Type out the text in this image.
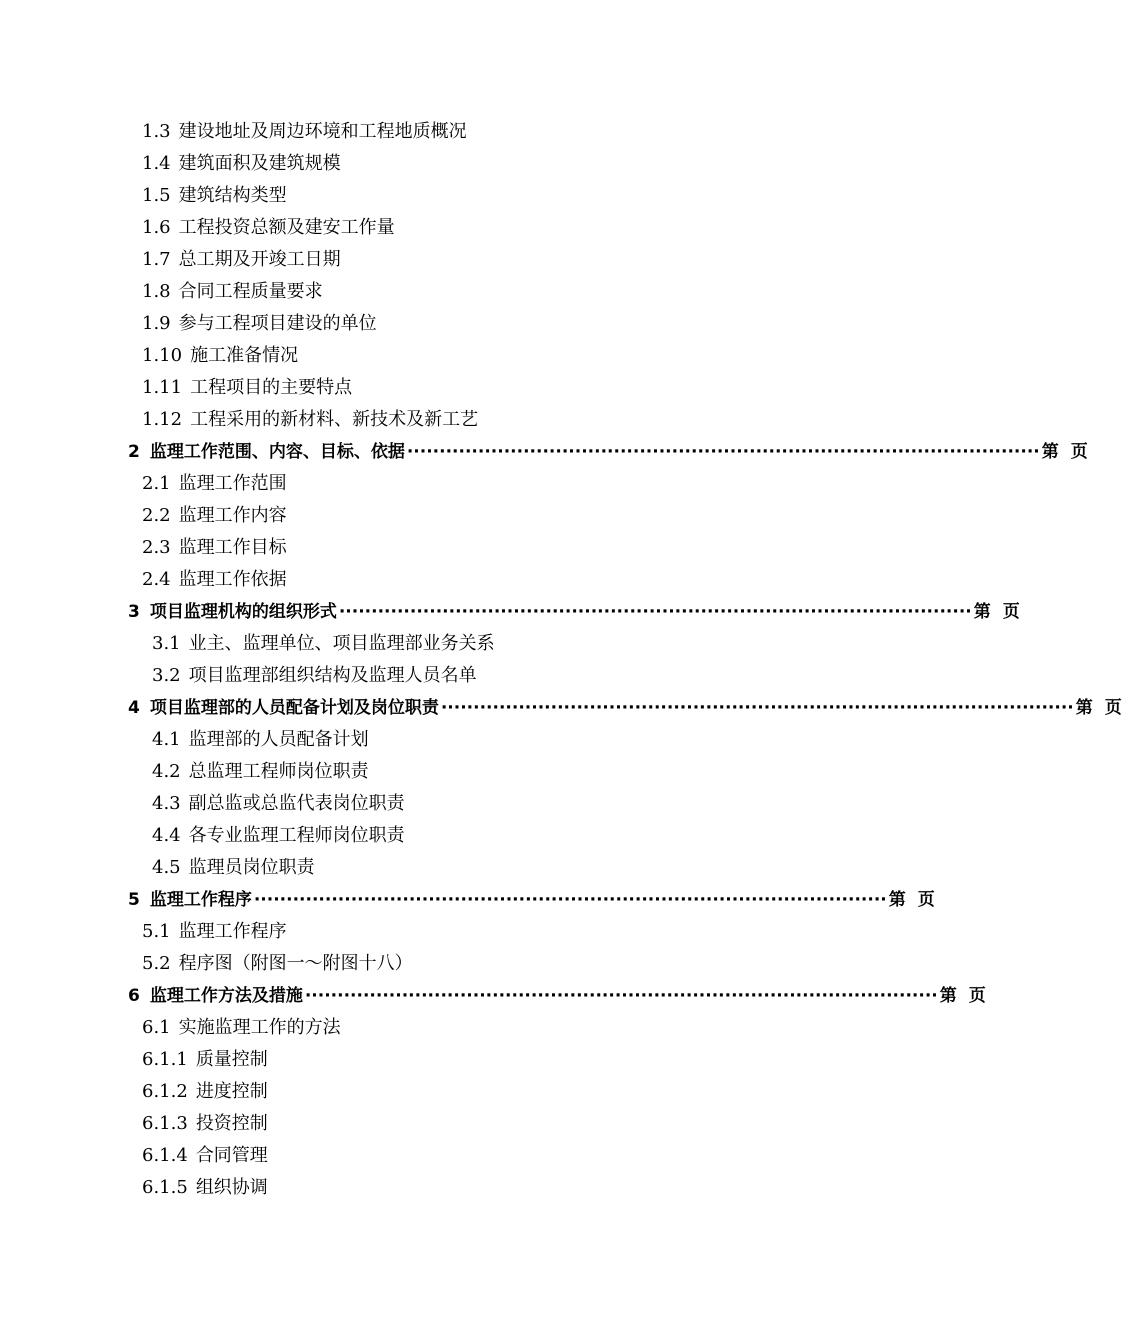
1.3 建设地址及周边环境和工程地质概况
1.4 建筑面积及建筑规模
1.5 建筑结构类型
1.6 工程投资总额及建安工作量
1.7 总工期及开竣工日期
1.8 合同工程质量要求
1.9 参与工程项目建设的单位
1.10 施工准备情况
1.11 工程项目的主要特点
1.12 工程采用的新材料、新技术及新工艺
2 监理工作范围、内容、目标、依据 ·································································································· 第页
2.1 监理工作范围
2.2 监理工作内容
2.3 监理工作目标
2.4 监理工作依据
3 项目监理机构的组织形式 ·································································································· 第页
3.1 业主、监理单位、项目监理部业务关系
3.2 项目监理部组织结构及监理人员名单
4 项目监理部的人员配备计划及岗位职责 ·································································································· 第页
4.1 监理部的人员配备计划
4.2 总监理工程师岗位职责
4.3 副总监或总监代表岗位职责
4.4 各专业监理工程师岗位职责
4.5 监理员岗位职责
5 监理工作程序 ·································································································· 第页
5.1 监理工作程序
5.2 程序图（附图一～附图十八）
6 监理工作方法及措施 ·································································································· 第页
6.1 实施监理工作的方法
6.1.1 质量控制
6.1.2 进度控制
6.1.3 投资控制
6.1.4 合同管理
6.1.5 组织协调
